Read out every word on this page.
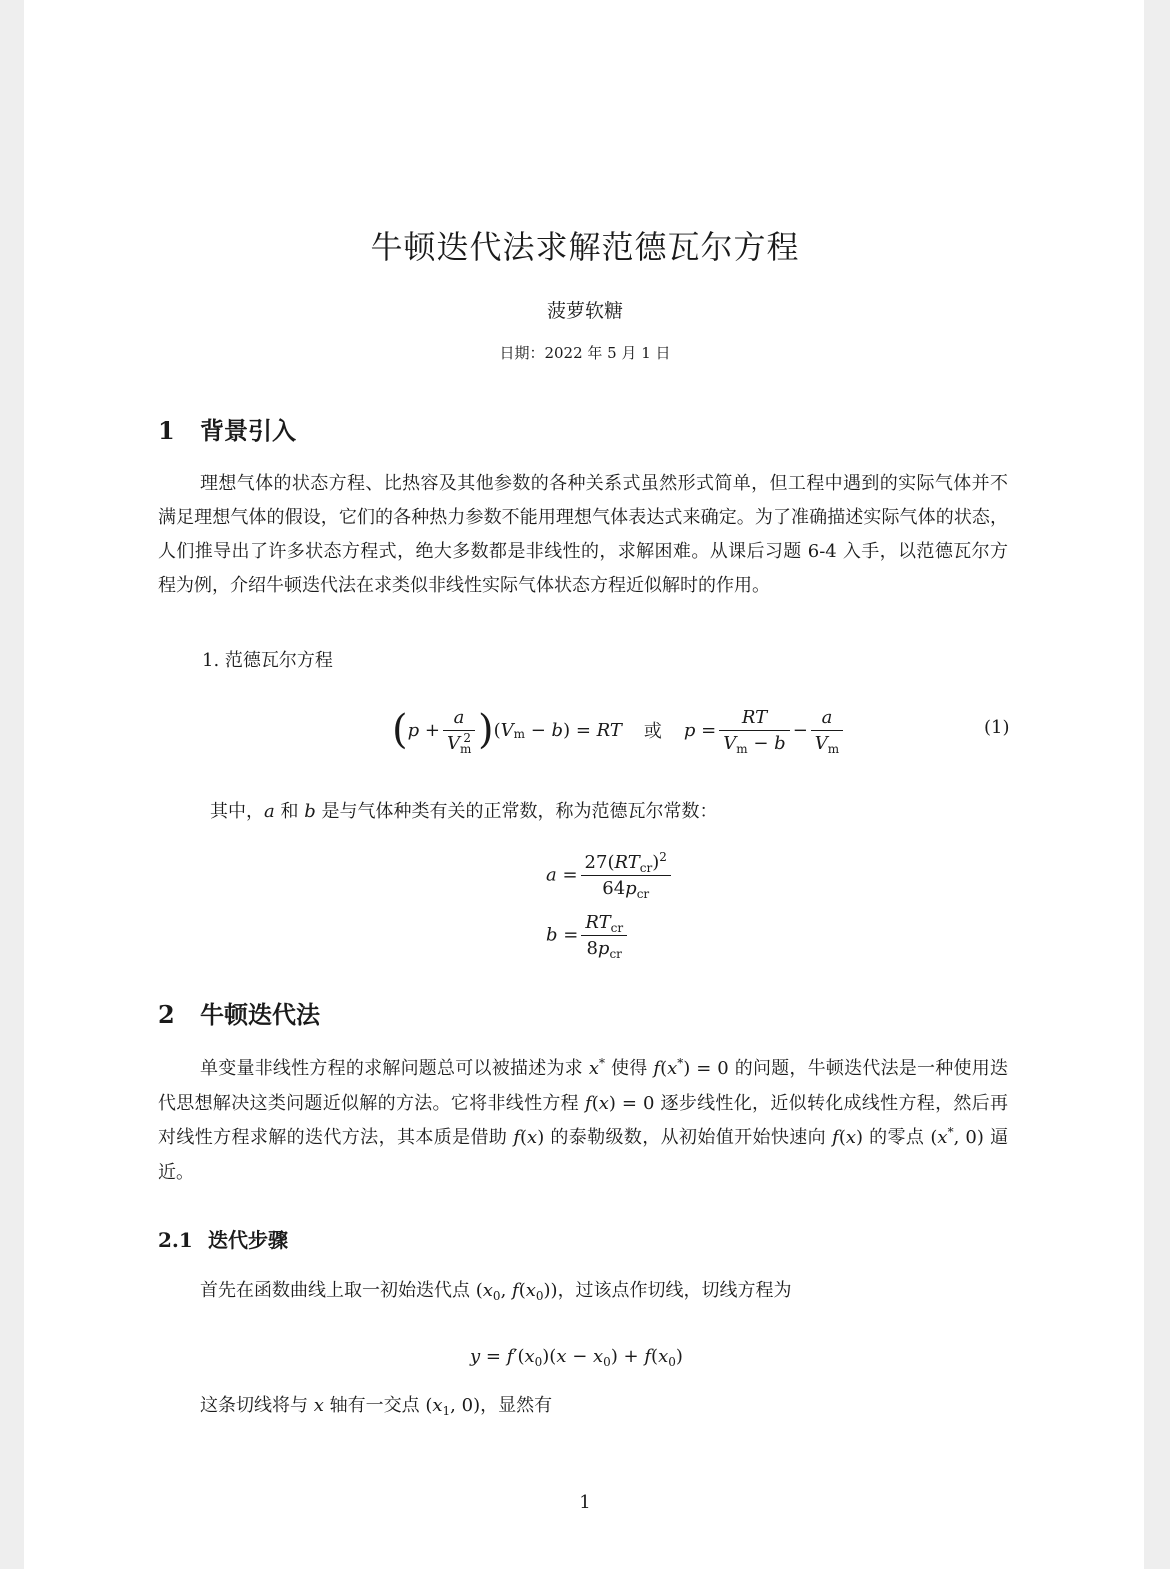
牛顿迭代法求解范德瓦尔方程
菠萝软糖
日期：2022 年 5 月 1 日
1 背景引入
理想气体的状态方程、比热容及其他参数的各种关系式虽然形式简单，但工程中遇到的实际气体并不满足理想气体的假设，它们的各种热力参数不能用理想气体表达式来确定。为了准确描述实际气体的状态，人们推导出了许多状态方程式，绝大多数都是非线性的，求解困难。从课后习题 6-4 入手，以范德瓦尔方程为例，介绍牛顿迭代法在求类似非线性实际气体状态方程近似解时的作用。
1. 范德瓦尔方程
( $p + \frac{a}{V_m^2}$ ) ( V m − b ) = RT 或 $p = \frac{RT}{V_m - b} - \frac{a}{V_m}$	(1)
其中，a 和 b 是与气体种类有关的正常数，称为范德瓦尔常数：
$a = \frac{27(RT_{cr})^2}{64p_{cr}}$
$b = \frac{RT_{cr}}{8p_{cr}}$
2 牛顿迭代法
单变量非线性方程的求解问题总可以被描述为求 x* 使得 f(x*) = 0 的问题，牛顿迭代法是一种使用迭代思想解决这类问题近似解的方法。它将非线性方程 f(x) = 0 逐步线性化，近似转化成线性方程，然后再对线性方程求解的迭代方法，其本质是借助 f(x) 的泰勒级数，从初始值开始快速向 f(x) 的零点 (x*, 0) 逼近。
2.1 迭代步骤
首先在函数曲线上取一初始迭代点 ($x_0$, $f(x_0)$)，过该点作切线，切线方程为
$y = f'(x_0)(x - x_0) + f(x_0)$
这条切线将与 x 轴有一交点 ($x_1$, 0)，显然有
1
